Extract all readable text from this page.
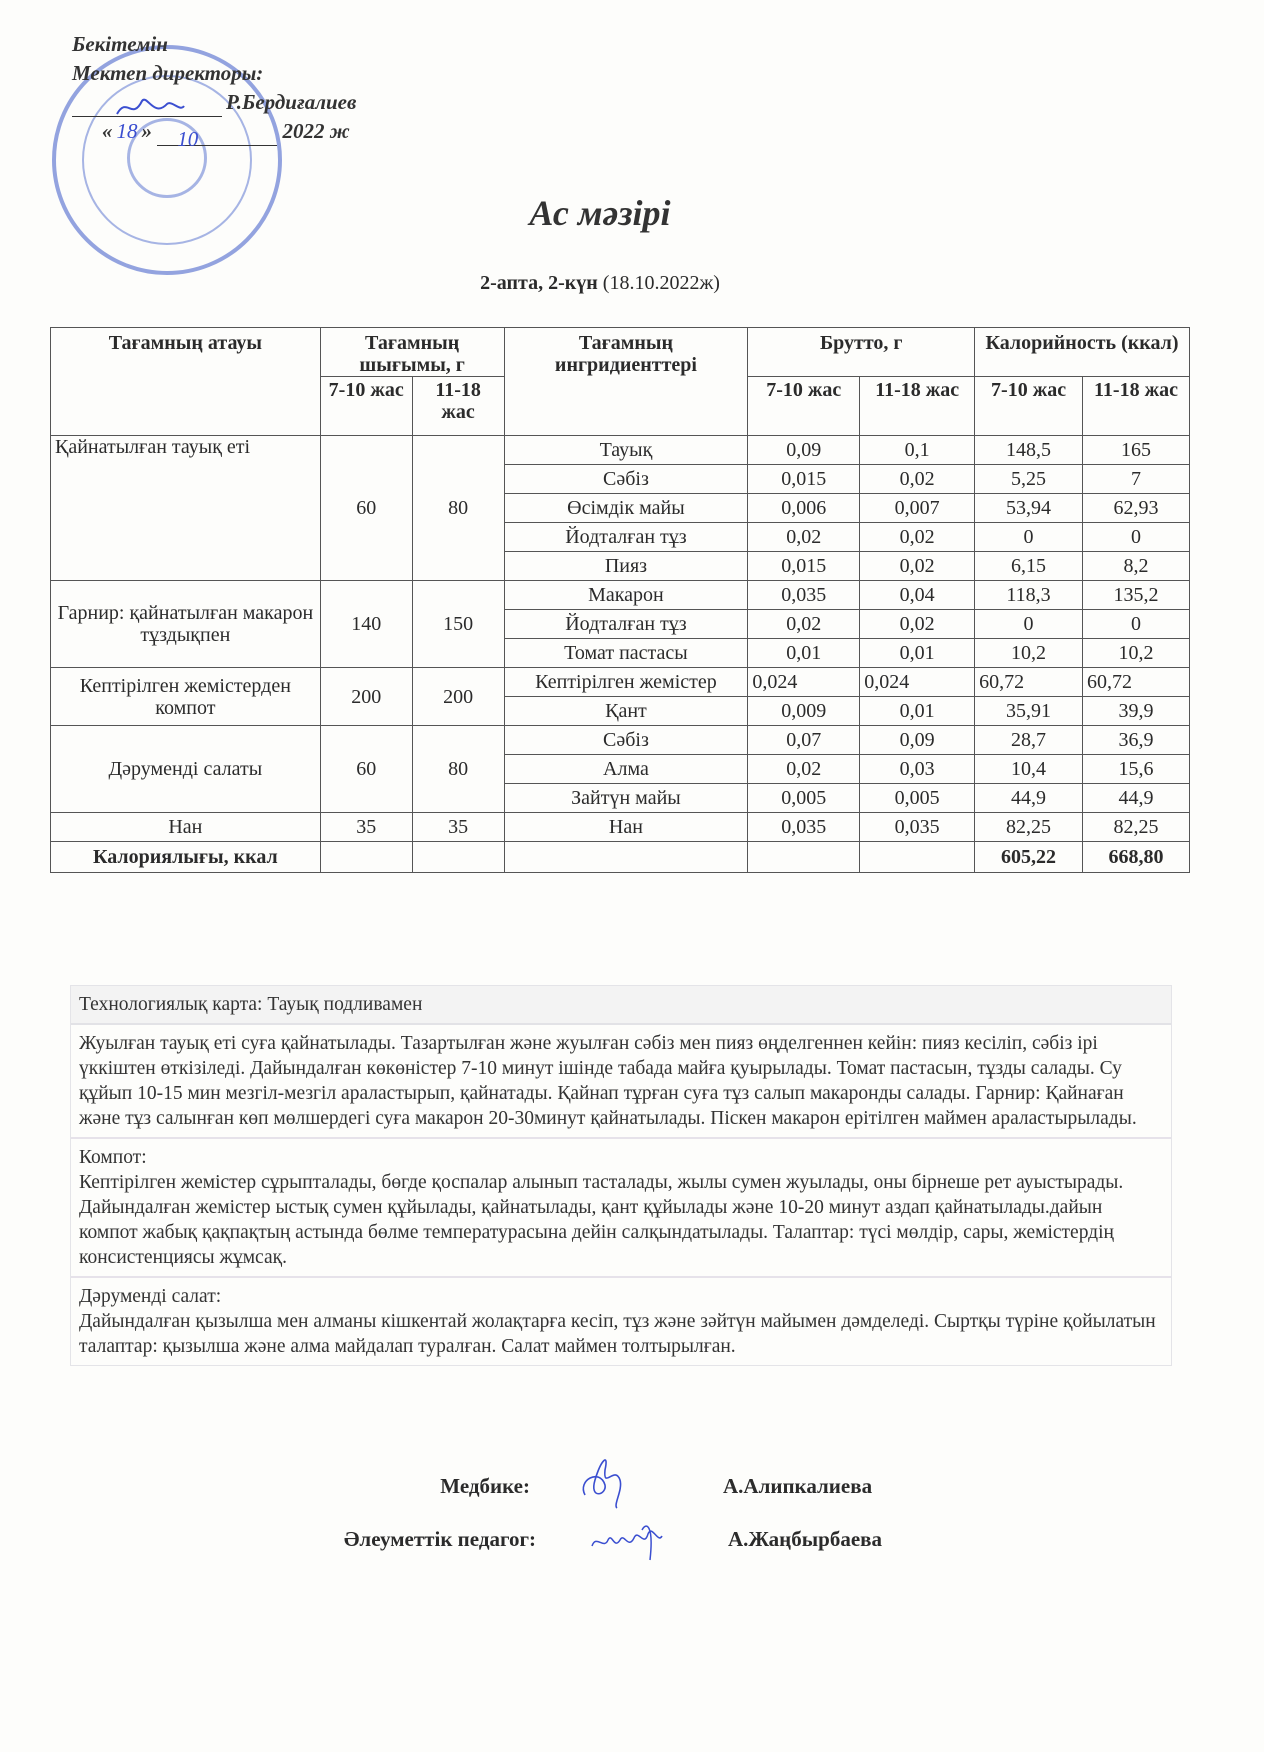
Бекітемін
Мектеп директоры:
Р.Бердиғалиев
« 18 » 10	2022 ж
Ас мәзірі
2-апта, 2-күн (18.10.2022ж)
Тағамның атауы	Тағамның шығымы, г		Тағамның ингридиенттері	Брутто, г		Калорийность (ккал)	
	7-10 жас	11-18 жас		7-10 жас	11-18 жас	7-10 жас	11-18 жас
Қайнатылған тауық еті	60	80	Тауық	0,09	0,1	148,5	165
			Сәбіз	0,015	0,02	5,25	7
			Өсімдік майы	0,006	0,007	53,94	62,93
			Йодталған тұз	0,02	0,02	0	0
			Пияз	0,015	0,02	6,15	8,2
Гарнир: қайнатылған макарон тұздықпен	140	150	Макарон	0,035	0,04	118,3	135,2
			Йодталған тұз	0,02	0,02	0	0
			Томат пастасы	0,01	0,01	10,2	10,2
Кептірілген жемістерден компот	200	200	Кептірілген жемістер	0,024	0,024	60,72	60,72
			Қант	0,009	0,01	35,91	39,9
Дәруменді салаты	60	80	Сәбіз	0,07	0,09	28,7	36,9
			Алма	0,02	0,03	10,4	15,6
			Зайтүн майы	0,005	0,005	44,9	44,9
Нан	35	35	Нан	0,035	0,035	82,25	82,25
Калориялығы, ккал						605,22	668,80
Технологиялық карта: Тауық подливамен
Жуылған тауық еті суға қайнатылады. Тазартылған және жуылған сәбіз мен пияз өңделгеннен кейін: пияз кесіліп, сәбіз ірі үккіштен өткізіледі. Дайындалған көкөністер 7-10 минут ішінде табада майға қуырылады. Томат пастасын, тұзды салады. Су құйып 10-15 мин мезгіл-мезгіл араластырып, қайнатады. Қайнап тұрған суға тұз салып макаронды салады. Гарнир: Қайнаған және тұз салынған көп мөлшердегі суға макарон 20-30минут қайнатылады. Піскен макарон ерітілген маймен араластырылады.
Компот:
Кептірілген жемістер сұрыпталады, бөгде қоспалар алынып тасталады, жылы сумен жуылады, оны бірнеше рет ауыстырады. Дайындалған жемістер ыстық сумен құйылады, қайнатылады, қант құйылады және 10-20 минут аздап қайнатылады.дайын компот жабық қақпақтың астында бөлме температурасына дейін салқындатылады. Талаптар: түсі мөлдір, сары, жемістердің консистенциясы жұмсақ.
Дәруменді салат:
Дайындалған қызылша мен алманы кішкентай жолақтарға кесіп, тұз және зәйтүн майымен дәмделеді. Сыртқы түріне қойылатын талаптар: қызылша және алма майдалап туралған. Салат маймен толтырылған.
Медбике:	А.Алипкалиева
Әлеуметтік педагог:	А.Жаңбырбаева
